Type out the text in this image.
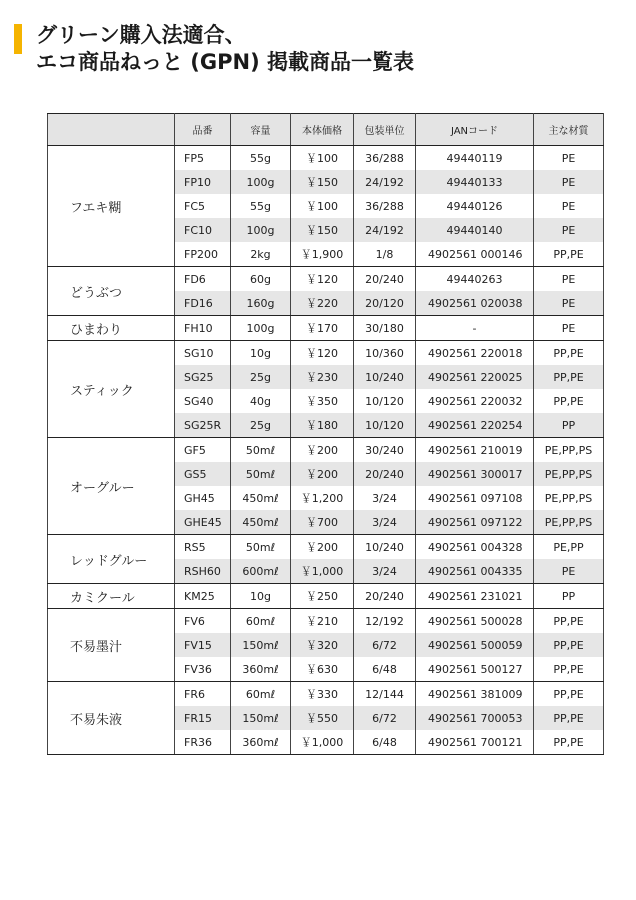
グリーン購入法適合、
エコ商品ねっと (GPN) 掲載商品一覧表
	品番	容量	本体価格	包装単位	JANコード	主な材質
フエキ糊	FP5	55g	￥100	36/288	49440119	PE
	FP10	100g	￥150	24/192	49440133	PE
	FC5	55g	￥100	36/288	49440126	PE
	FC10	100g	￥150	24/192	49440140	PE
	FP200	2kg	￥1,900	1/8	4902561 000146	PP,PE
どうぶつ	FD6	60g	￥120	20/240	49440263	PE
	FD16	160g	￥220	20/120	4902561 020038	PE
ひまわり	FH10	100g	￥170	30/180	-	PE
スティック	SG10	10g	￥120	10/360	4902561 220018	PP,PE
	SG25	25g	￥230	10/240	4902561 220025	PP,PE
	SG40	40g	￥350	10/120	4902561 220032	PP,PE
	SG25R	25g	￥180	10/120	4902561 220254	PP
オーグルー	GF5	50mℓ	￥200	30/240	4902561 210019	PE,PP,PS
	GS5	50mℓ	￥200	20/240	4902561 300017	PE,PP,PS
	GH45	450mℓ	￥1,200	3/24	4902561 097108	PE,PP,PS
	GHE45	450mℓ	￥700	3/24	4902561 097122	PE,PP,PS
レッドグルー	RS5	50mℓ	￥200	10/240	4902561 004328	PE,PP
	RSH60	600mℓ	￥1,000	3/24	4902561 004335	PE
カミクール	KM25	10g	￥250	20/240	4902561 231021	PP
不易墨汁	FV6	60mℓ	￥210	12/192	4902561 500028	PP,PE
	FV15	150mℓ	￥320	6/72	4902561 500059	PP,PE
	FV36	360mℓ	￥630	6/48	4902561 500127	PP,PE
不易朱液	FR6	60mℓ	￥330	12/144	4902561 381009	PP,PE
	FR15	150mℓ	￥550	6/72	4902561 700053	PP,PE
	FR36	360mℓ	￥1,000	6/48	4902561 700121	PP,PE
